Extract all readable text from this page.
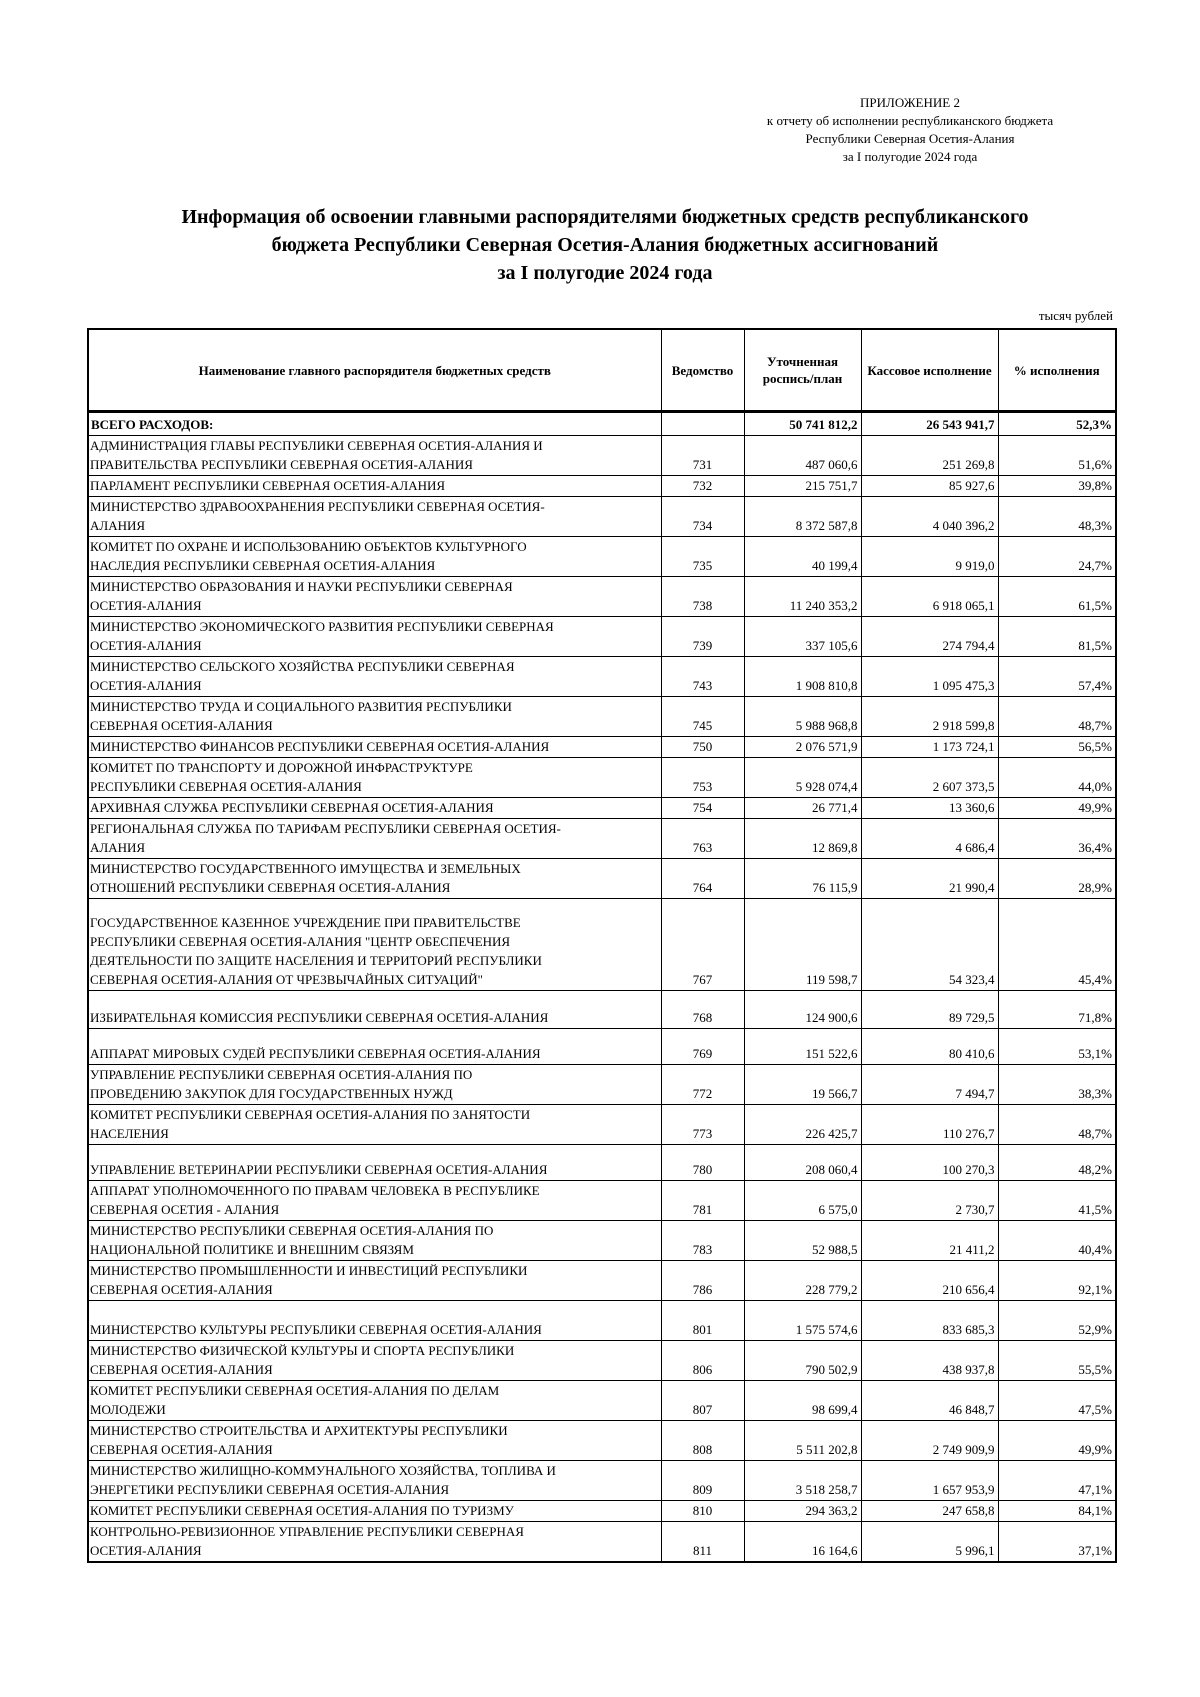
ПРИЛОЖЕНИЕ 2
к отчету об исполнении республиканского бюджета
Республики Северная Осетия-Алания
за I полугодие 2024 года
Информация об освоении главными распорядителями бюджетных средств республиканского
бюджета Республики Северная Осетия-Алания бюджетных ассигнований
за I полугодие 2024 года
тысяч рублей
Наименование главного распорядителя бюджетных средств	Ведомство	Уточненная роспись/план	Кассовое исполнение	% исполнения
ВСЕГО РАСХОДОВ:		50 741 812,2	26 543 941,7	52,3%

АДМИНИСТРАЦИЯ ГЛАВЫ РЕСПУБЛИКИ СЕВЕРНАЯ ОСЕТИЯ-АЛАНИЯ И
ПРАВИТЕЛЬСТВА РЕСПУБЛИКИ СЕВЕРНАЯ ОСЕТИЯ-АЛАНИЯ	731	487 060,6	251 269,8	51,6%

ПАРЛАМЕНТ РЕСПУБЛИКИ СЕВЕРНАЯ ОСЕТИЯ-АЛАНИЯ	732	215 751,7	85 927,6	39,8%

МИНИСТЕРСТВО ЗДРАВООХРАНЕНИЯ РЕСПУБЛИКИ СЕВЕРНАЯ ОСЕТИЯ-
АЛАНИЯ	734	8 372 587,8	4 040 396,2	48,3%

КОМИТЕТ ПО ОХРАНЕ И ИСПОЛЬЗОВАНИЮ ОБЪЕКТОВ КУЛЬТУРНОГО
НАСЛЕДИЯ РЕСПУБЛИКИ СЕВЕРНАЯ ОСЕТИЯ-АЛАНИЯ	735	40 199,4	9 919,0	24,7%

МИНИСТЕРСТВО ОБРАЗОВАНИЯ И НАУКИ РЕСПУБЛИКИ СЕВЕРНАЯ
ОСЕТИЯ-АЛАНИЯ	738	11 240 353,2	6 918 065,1	61,5%

МИНИСТЕРСТВО ЭКОНОМИЧЕСКОГО РАЗВИТИЯ РЕСПУБЛИКИ СЕВЕРНАЯ
ОСЕТИЯ-АЛАНИЯ	739	337 105,6	274 794,4	81,5%

МИНИСТЕРСТВО СЕЛЬСКОГО ХОЗЯЙСТВА РЕСПУБЛИКИ СЕВЕРНАЯ
ОСЕТИЯ-АЛАНИЯ	743	1 908 810,8	1 095 475,3	57,4%

МИНИСТЕРСТВО ТРУДА И СОЦИАЛЬНОГО РАЗВИТИЯ РЕСПУБЛИКИ
СЕВЕРНАЯ ОСЕТИЯ-АЛАНИЯ	745	5 988 968,8	2 918 599,8	48,7%

МИНИСТЕРСТВО ФИНАНСОВ РЕСПУБЛИКИ СЕВЕРНАЯ ОСЕТИЯ-АЛАНИЯ	750	2 076 571,9	1 173 724,1	56,5%

КОМИТЕТ ПО ТРАНСПОРТУ И ДОРОЖНОЙ ИНФРАСТРУКТУРЕ
РЕСПУБЛИКИ СЕВЕРНАЯ ОСЕТИЯ-АЛАНИЯ	753	5 928 074,4	2 607 373,5	44,0%

АРХИВНАЯ СЛУЖБА РЕСПУБЛИКИ СЕВЕРНАЯ ОСЕТИЯ-АЛАНИЯ	754	26 771,4	13 360,6	49,9%

РЕГИОНАЛЬНАЯ СЛУЖБА ПО ТАРИФАМ РЕСПУБЛИКИ СЕВЕРНАЯ ОСЕТИЯ-
АЛАНИЯ	763	12 869,8	4 686,4	36,4%

МИНИСТЕРСТВО ГОСУДАРСТВЕННОГО ИМУЩЕСТВА И ЗЕМЕЛЬНЫХ
ОТНОШЕНИЙ РЕСПУБЛИКИ СЕВЕРНАЯ ОСЕТИЯ-АЛАНИЯ	764	76 115,9	21 990,4	28,9%

ГОСУДАРСТВЕННОЕ КАЗЕННОЕ УЧРЕЖДЕНИЕ ПРИ ПРАВИТЕЛЬСТВЕ
РЕСПУБЛИКИ СЕВЕРНАЯ ОСЕТИЯ-АЛАНИЯ "ЦЕНТР ОБЕСПЕЧЕНИЯ
ДЕЯТЕЛЬНОСТИ ПО ЗАЩИТЕ НАСЕЛЕНИЯ И ТЕРРИТОРИЙ РЕСПУБЛИКИ
СЕВЕРНАЯ ОСЕТИЯ-АЛАНИЯ ОТ ЧРЕЗВЫЧАЙНЫХ СИТУАЦИЙ"	767	119 598,7	54 323,4	45,4%

ИЗБИРАТЕЛЬНАЯ КОМИССИЯ РЕСПУБЛИКИ СЕВЕРНАЯ ОСЕТИЯ-АЛАНИЯ	768	124 900,6	89 729,5	71,8%

АППАРАТ МИРОВЫХ СУДЕЙ РЕСПУБЛИКИ СЕВЕРНАЯ ОСЕТИЯ-АЛАНИЯ	769	151 522,6	80 410,6	53,1%

УПРАВЛЕНИЕ РЕСПУБЛИКИ СЕВЕРНАЯ ОСЕТИЯ-АЛАНИЯ ПО
ПРОВЕДЕНИЮ ЗАКУПОК ДЛЯ ГОСУДАРСТВЕННЫХ НУЖД	772	19 566,7	7 494,7	38,3%

КОМИТЕТ РЕСПУБЛИКИ СЕВЕРНАЯ ОСЕТИЯ-АЛАНИЯ ПО ЗАНЯТОСТИ
НАСЕЛЕНИЯ	773	226 425,7	110 276,7	48,7%

УПРАВЛЕНИЕ ВЕТЕРИНАРИИ РЕСПУБЛИКИ СЕВЕРНАЯ ОСЕТИЯ-АЛАНИЯ	780	208 060,4	100 270,3	48,2%

АППАРАТ УПОЛНОМОЧЕННОГО ПО ПРАВАМ ЧЕЛОВЕКА В РЕСПУБЛИКЕ
СЕВЕРНАЯ ОСЕТИЯ - АЛАНИЯ	781	6 575,0	2 730,7	41,5%

МИНИСТЕРСТВО РЕСПУБЛИКИ СЕВЕРНАЯ ОСЕТИЯ-АЛАНИЯ ПО
НАЦИОНАЛЬНОЙ ПОЛИТИКЕ И ВНЕШНИМ СВЯЗЯМ	783	52 988,5	21 411,2	40,4%

МИНИСТЕРСТВО ПРОМЫШЛЕННОСТИ И ИНВЕСТИЦИЙ РЕСПУБЛИКИ
СЕВЕРНАЯ ОСЕТИЯ-АЛАНИЯ	786	228 779,2	210 656,4	92,1%

МИНИСТЕРСТВО КУЛЬТУРЫ РЕСПУБЛИКИ СЕВЕРНАЯ ОСЕТИЯ-АЛАНИЯ	801	1 575 574,6	833 685,3	52,9%

МИНИСТЕРСТВО ФИЗИЧЕСКОЙ КУЛЬТУРЫ И СПОРТА РЕСПУБЛИКИ
СЕВЕРНАЯ ОСЕТИЯ-АЛАНИЯ	806	790 502,9	438 937,8	55,5%

КОМИТЕТ РЕСПУБЛИКИ СЕВЕРНАЯ ОСЕТИЯ-АЛАНИЯ ПО ДЕЛАМ
МОЛОДЕЖИ	807	98 699,4	46 848,7	47,5%

МИНИСТЕРСТВО СТРОИТЕЛЬСТВА И АРХИТЕКТУРЫ РЕСПУБЛИКИ
СЕВЕРНАЯ ОСЕТИЯ-АЛАНИЯ	808	5 511 202,8	2 749 909,9	49,9%

МИНИСТЕРСТВО ЖИЛИЩНО-КОММУНАЛЬНОГО ХОЗЯЙСТВА, ТОПЛИВА И
ЭНЕРГЕТИКИ РЕСПУБЛИКИ СЕВЕРНАЯ ОСЕТИЯ-АЛАНИЯ	809	3 518 258,7	1 657 953,9	47,1%

КОМИТЕТ РЕСПУБЛИКИ СЕВЕРНАЯ ОСЕТИЯ-АЛАНИЯ ПО ТУРИЗМУ	810	294 363,2	247 658,8	84,1%

КОНТРОЛЬНО-РЕВИЗИОННОЕ УПРАВЛЕНИЕ РЕСПУБЛИКИ СЕВЕРНАЯ
ОСЕТИЯ-АЛАНИЯ	811	16 164,6	5 996,1	37,1%
